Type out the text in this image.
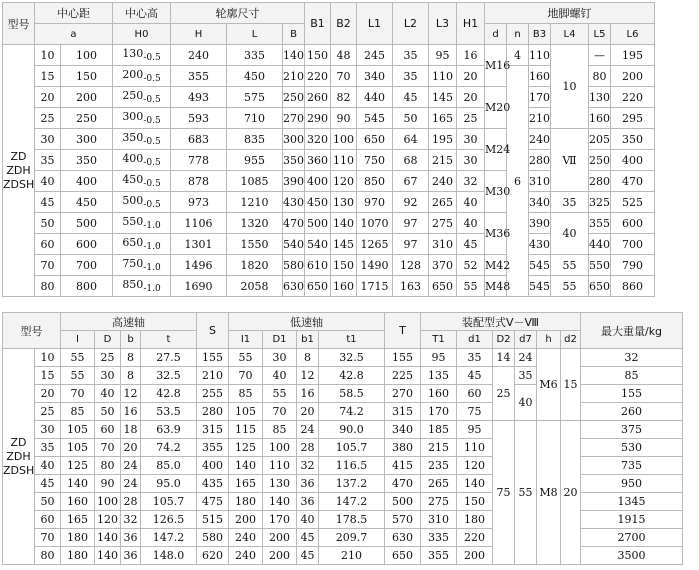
型号	中心距		中心高	轮廓尺寸			B1	B2	L1	L2	L3	H1	地脚螺钉					
	a		H0	H	L	B							d	n	B3	L4	L5	L6
ZD
ZDH
ZDSH	10	100	$130_{-0.5}$	240	335	140	150	48	245	35	95	16	M16	4	110	10	—	195
	15	150	$200_{-0.5}$	355	450	210	220	70	340	35	110	20		6	160		80	200
	20	200	$250_{-0.5}$	493	575	250	260	82	440	45	145	20	M20		170		130	220
	25	250	$300_{-0.5}$	593	710	270	290	90	545	50	165	25			210		160	295
	30	300	$350_{-0.5}$	683	835	300	320	100	650	64	195	30	M24		240	Ⅶ	205	350
	35	350	$400_{-0.5}$	778	955	350	360	110	750	68	215	30			280		250	400
	40	400	$450_{-0.5}$	878	1085	390	400	120	850	67	240	32	M30		310		280	470
	45	450	$500_{-0.5}$	973	1210	430	450	130	970	92	265	40			340	35	325	525
	50	500	$550_{-1.0}$	1106	1320	470	500	140	1070	97	275	40	M36		390	40	355	600
	60	600	$650_{-1.0}$	1301	1550	540	540	145	1265	97	310	45			430		440	700
	70	700	$750_{-1.0}$	1496	1820	580	610	150	1490	128	370	52	M42		545	55	550	790
	80	800	$850_{-1.0}$	1690	2058	630	650	160	1715	163	650	55	M48		545	55	650	860
型号		高速轴				S	低速轴				T	装配型式Ⅴ－Ⅷ						最大重量/kg
		I	D	b	t		I1	D1	b1	t1		T1	d1	D2	d7	h	d2	
ZD
ZDH
ZDSH	10	55	25	8	27.5	155	55	30	8	32.5	155	95	35	14	24	M6	15	32
	15	55	30	8	32.5	210	70	40	12	42.8	225	135	45	25	35			85
	20	70	40	12	42.8	255	85	55	16	58.5	270	160	60		40			155
	25	85	50	16	53.5	280	105	70	20	74.2	315	170	75					260
	30	105	60	18	63.9	315	115	85	24	90.0	340	185	95	75	55	M8	20	375
	35	105	70	20	74.2	355	125	100	28	105.7	380	215	110					530
	40	125	80	24	85.0	400	140	110	32	116.5	415	235	120					735
	45	140	90	24	95.0	435	165	130	36	137.2	470	265	140					950
	50	160	100	28	105.7	475	180	140	36	147.2	500	275	150					1345
	60	165	120	32	126.5	515	200	170	40	178.5	570	310	180					1915
	70	180	140	36	147.2	580	240	200	45	209.7	630	335	220					2700
	80	180	140	36	148.0	620	240	200	45	210	650	355	200					3500
